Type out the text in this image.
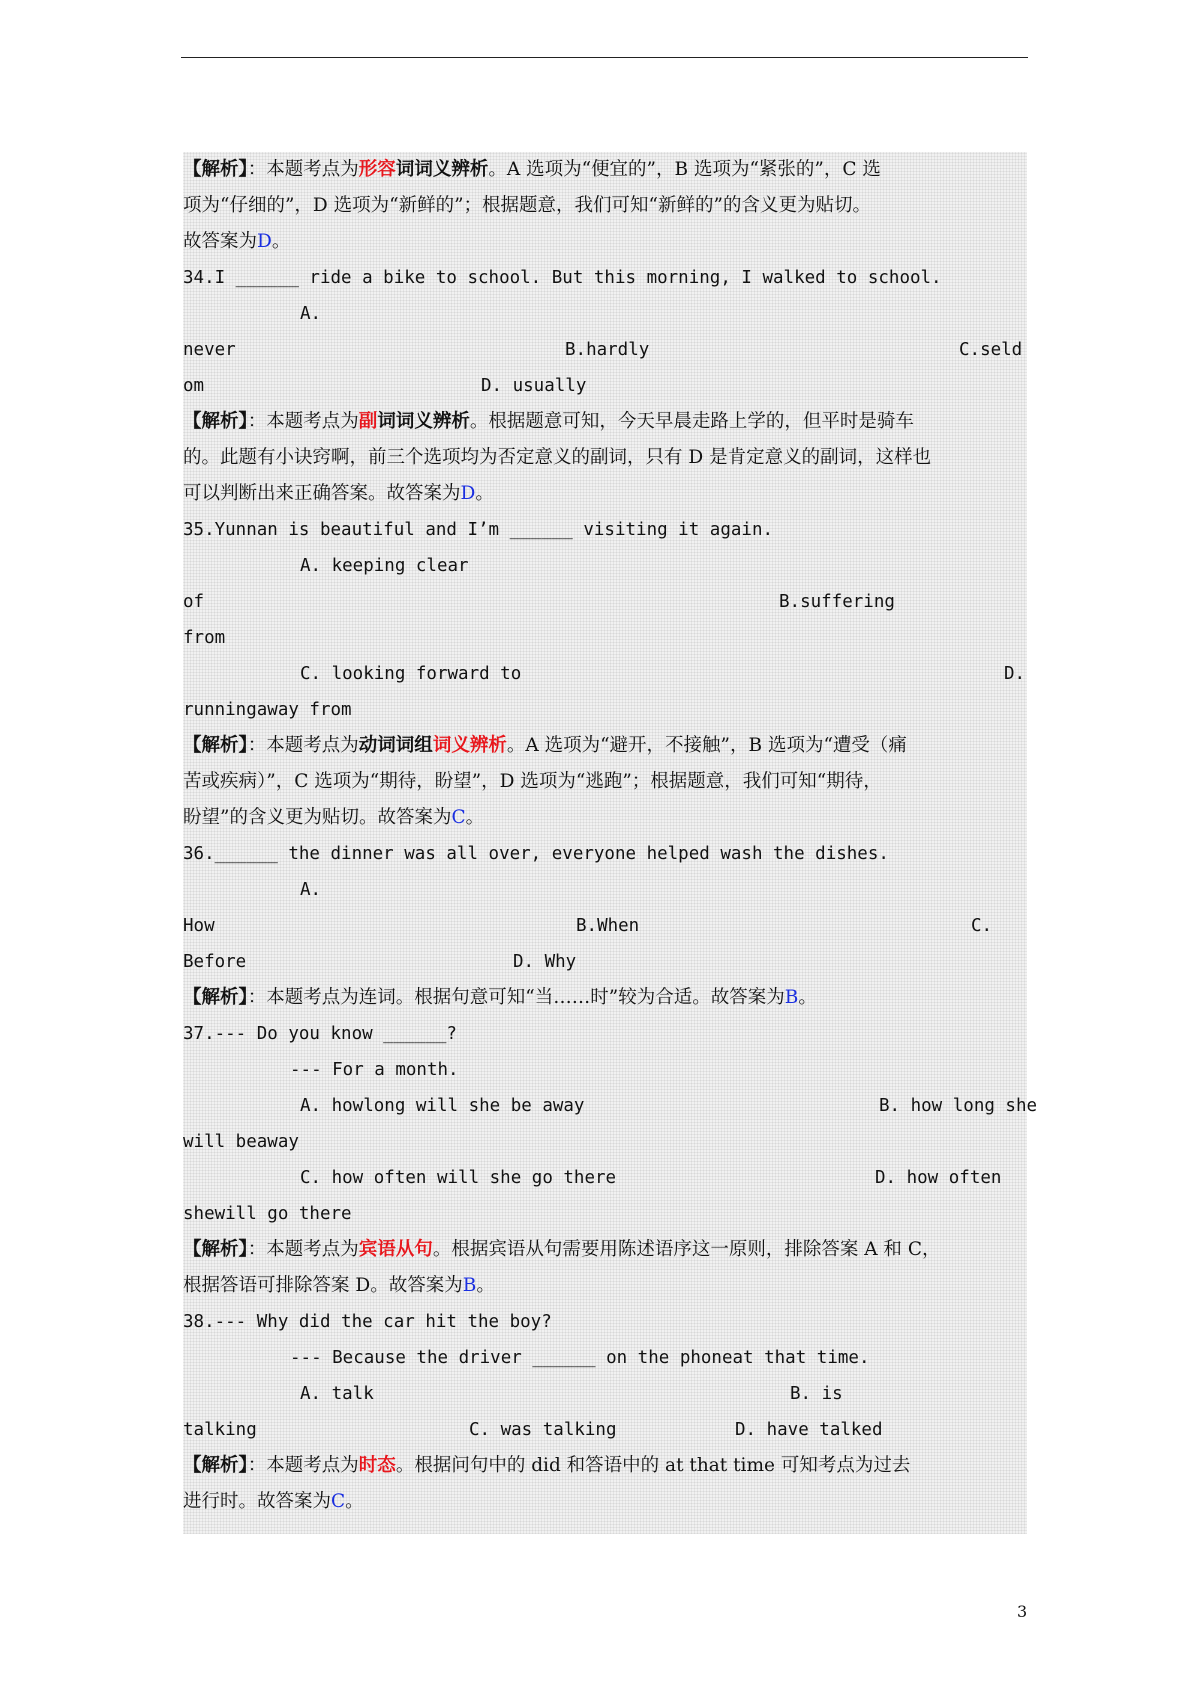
【解析】：本题考点为形容词词义辨析。A 选项为“便宜的”，B 选项为“紧张的”，C 选
项为“仔细的”，D 选项为“新鲜的”；根据题意，我们可知“新鲜的”的含义更为贴切。
故答案为D。
34.I ______ ride a bike to school. But this morning, I walked to school.
A.
never	B.hardly	C.seld
om	D. usually
【解析】：本题考点为副词词义辨析。根据题意可知，今天早晨走路上学的，但平时是骑车
的。此题有小诀窍啊，前三个选项均为否定意义的副词，只有 D 是肯定意义的副词，这样也
可以判断出来正确答案。故答案为D。
35.Yunnan is beautiful and I’m ______ visiting it again.
A. keeping clear
of	B.suffering
from
C. looking forward to	D.
runningaway from
【解析】：本题考点为动词词组词义辨析。A 选项为“避开，不接触”，B 选项为“遭受（痛
苦或疾病）”，C 选项为“期待，盼望”，D 选项为“逃跑”；根据题意，我们可知“期待，
盼望”的含义更为贴切。故答案为C。
36.______ the dinner was all over, everyone helped wash the dishes.
A.
How	B.When	C.
Before	D. Why
【解析】：本题考点为连词。根据句意可知“当……时”较为合适。故答案为B。
37.--- Do you know ______?
--- For a month.
A. howlong will she be away	B. how long she
will beaway
C. how often will she go there	D. how often
shewill go there
【解析】：本题考点为宾语从句。根据宾语从句需要用陈述语序这一原则，排除答案 A 和 C，
根据答语可排除答案 D。故答案为B。
38.--- Why did the car hit the boy?
--- Because the driver ______ on the phoneat that time.
A. talk	B. is
talking	C. was talking	D. have talked
【解析】：本题考点为时态。根据问句中的 did 和答语中的 at that time 可知考点为过去
进行时。故答案为C。
3
